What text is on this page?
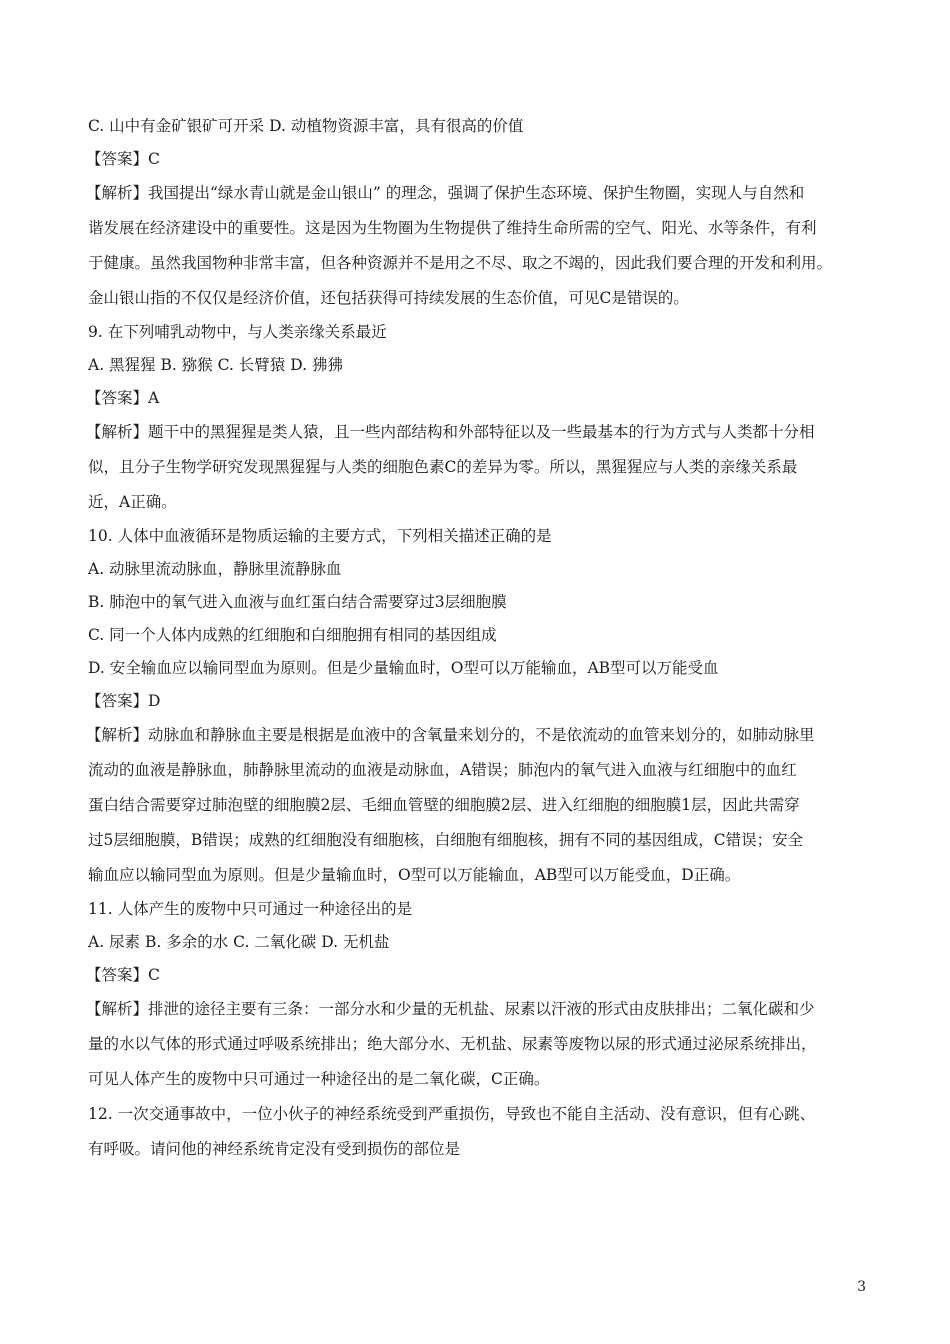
C. 山中有金矿银矿可开采 D. 动植物资源丰富，具有很高的价值
【答案】C
【解析】我国提出“绿水青山就是金山银山” 的理念，强调了保护生态环境、保护生物圈，实现人与自然和
谐发展在经济建设中的重要性。这是因为生物圈为生物提供了维持生命所需的空气、阳光、水等条件，有利
于健康。虽然我国物种非常丰富，但各种资源并不是用之不尽、取之不竭的，因此我们要合理的开发和利用。
金山银山指的不仅仅是经济价值，还包括获得可持续发展的生态价值，可见C是错误的。
9. 在下列哺乳动物中，与人类亲缘关系最近
A. 黑猩猩 B. 猕猴 C. 长臂猿 D. 狒狒
【答案】A
【解析】题干中的黑猩猩是类人猿，且一些内部结构和外部特征以及一些最基本的行为方式与人类都十分相
似，且分子生物学研究发现黑猩猩与人类的细胞色素C的差异为零。所以，黑猩猩应与人类的亲缘关系最
近，A正确。
10. 人体中血液循环是物质运输的主要方式，下列相关描述正确的是
A. 动脉里流动脉血，静脉里流静脉血
B. 肺泡中的氧气进入血液与血红蛋白结合需要穿过3层细胞膜
C. 同一个人体内成熟的红细胞和白细胞拥有相同的基因组成
D. 安全输血应以输同型血为原则。但是少量输血时，O型可以万能输血，AB型可以万能受血
【答案】D
【解析】动脉血和静脉血主要是根据是血液中的含氧量来划分的，不是依流动的血管来划分的，如肺动脉里
流动的血液是静脉血，肺静脉里流动的血液是动脉血，A错误；肺泡内的氧气进入血液与红细胞中的血红
蛋白结合需要穿过肺泡壁的细胞膜2层、毛细血管壁的细胞膜2层、进入红细胞的细胞膜1层，因此共需穿
过5层细胞膜，B错误；成熟的红细胞没有细胞核，白细胞有细胞核，拥有不同的基因组成，C错误；安全
输血应以输同型血为原则。但是少量输血时，O型可以万能输血，AB型可以万能受血，D正确。
11. 人体产生的废物中只可通过一种途径出的是
A. 尿素 B. 多余的水 C. 二氧化碳 D. 无机盐
【答案】C
【解析】排泄的途径主要有三条：一部分水和少量的无机盐、尿素以汗液的形式由皮肤排出；二氧化碳和少
量的水以气体的形式通过呼吸系统排出；绝大部分水、无机盐、尿素等废物以尿的形式通过泌尿系统排出，
可见人体产生的废物中只可通过一种途径出的是二氧化碳，C正确。
12. 一次交通事故中，一位小伙子的神经系统受到严重损伤，导致也不能自主活动、没有意识，但有心跳、
有呼吸。请问他的神经系统肯定没有受到损伤的部位是
3
